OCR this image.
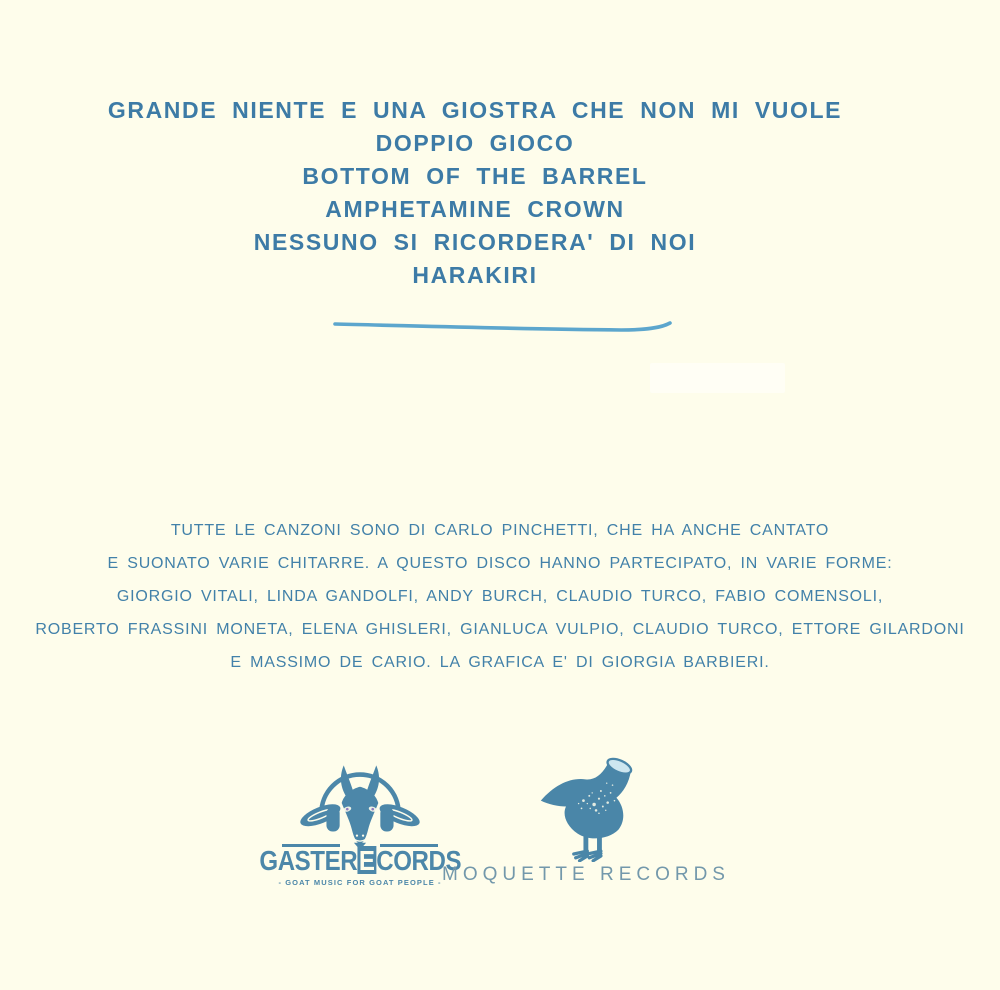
GRANDE NIENTE E UNA GIOSTRA CHE NON MI VUOLE
DOPPIO GIOCO
BOTTOM OF THE BARREL
AMPHETAMINE CROWN
NESSUNO SI RICORDERA' DI NOI
HARAKIRI
TUTTE LE CANZONI SONO DI CARLO PINCHETTI, CHE HA ANCHE CANTATO
E SUONATO VARIE CHITARRE. A QUESTO DISCO HANNO PARTECIPATO, IN VARIE FORME:
GIORGIO VITALI, LINDA GANDOLFI, ANDY BURCH, CLAUDIO TURCO, FABIO COMENSOLI,
ROBERTO FRASSINI MONETA, ELENA GHISLERI, GIANLUCA VULPIO, CLAUDIO TURCO, ETTORE GILARDONI
E MASSIMO DE CARIO. LA GRAFICA E' DI GIORGIA BARBIERI.
GASTERECORDS
- GOAT MUSIC FOR GOAT PEOPLE - MOQUETTE RECORDS
